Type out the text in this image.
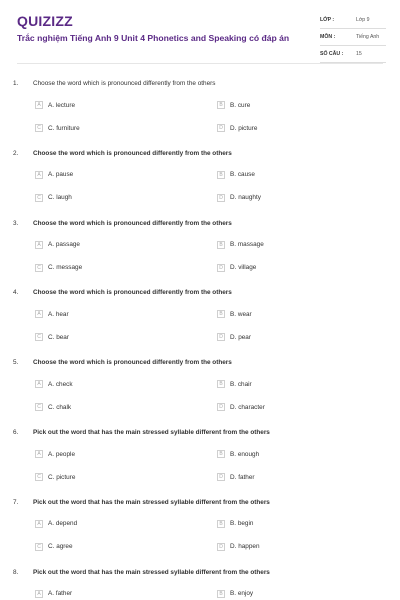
QUIZIZZ
Trắc nghiệm Tiếng Anh 9 Unit 4 Phonetics and Speaking có đáp án
LỚP :	Lớp 9
MÔN :	Tiếng Anh
SỐ CÂU :	15
1. Choose the word which is pronounced differently from the others
A	A. lecture	B	B. cure
C	C. furniture	D	D. picture
2. Choose the word which is pronounced differently from the others
A	A. pause	B	B. cause
C	C. laugh	D	D. naughty
3. Choose the word which is pronounced differently from the others
A	A. passage	B	B. massage
C	C. message	D	D. village
4. Choose the word which is pronounced differently from the others
A	A. hear	B	B. wear
C	C. bear	D	D. pear
5. Choose the word which is pronounced differently from the others
A	A. check	B	B. chair
C	C. chalk	D	D. character
6. Pick out the word that has the main stressed syllable different from the others
A	A. people	B	B. enough
C	C. picture	D	D. father
7. Pick out the word that has the main stressed syllable different from the others
A	A. depend	B	B. begin
C	C. agree	D	D. happen
8. Pick out the word that has the main stressed syllable different from the others
A	A. father	B	B. enjoy
